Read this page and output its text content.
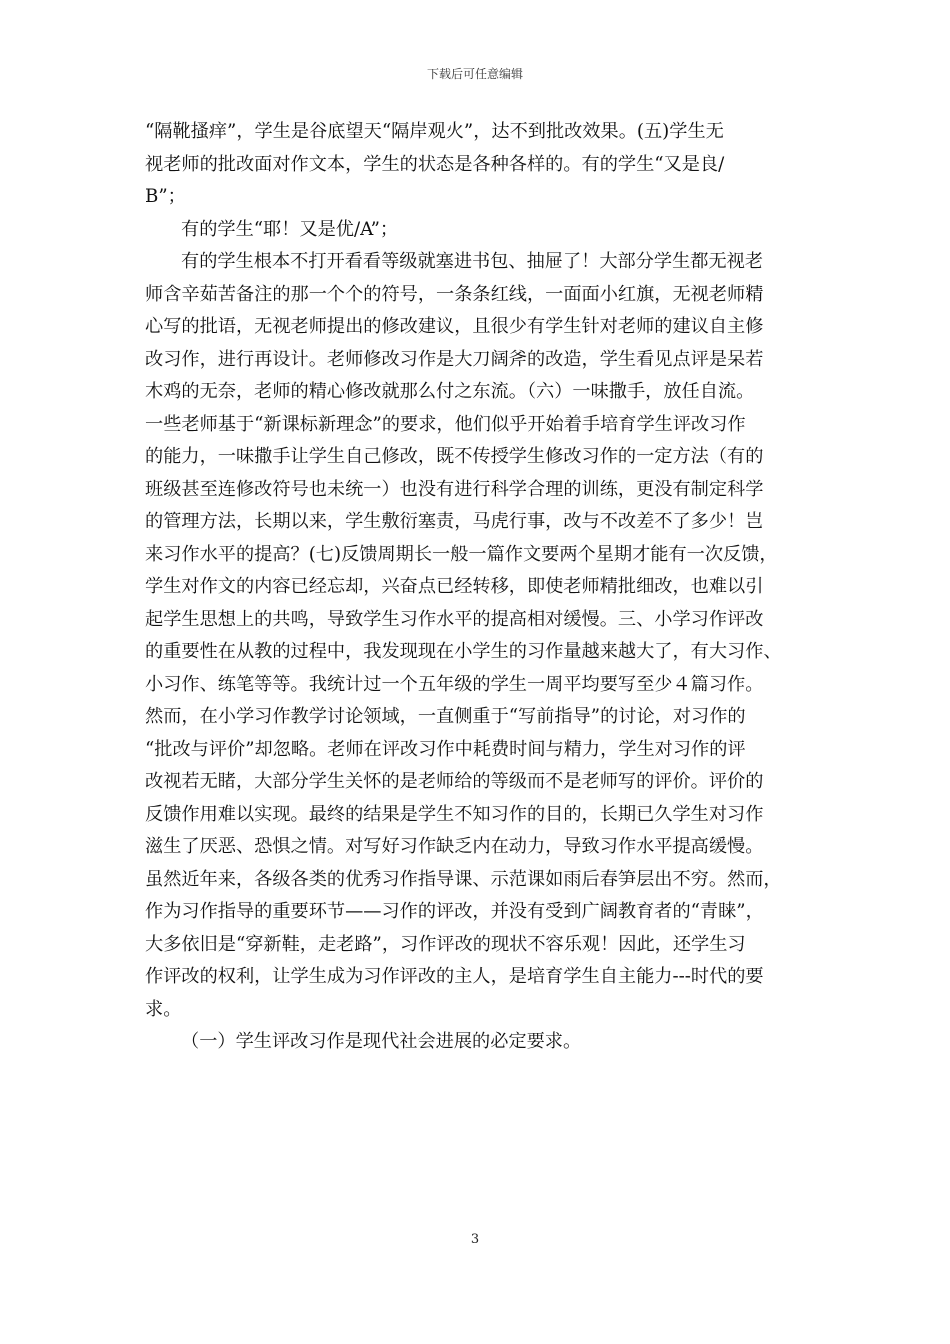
下载后可任意编辑
“隔靴搔痒”，学生是谷底望天“隔岸观火”，达不到批改效果。(五)学生无
视老师的批改面对作文本，学生的状态是各种各样的。有的学生“又是良/
B”；
有的学生“耶！又是优/A”；
有的学生根本不打开看看等级就塞进书包、抽屉了！大部分学生都无视老
师含辛茹苦备注的那一个个的符号，一条条红线，一面面小红旗，无视老师精
心写的批语，无视老师提出的修改建议，且很少有学生针对老师的建议自主修
改习作，进行再设计。老师修改习作是大刀阔斧的改造，学生看见点评是呆若
木鸡的无奈，老师的精心修改就那么付之东流。（六）一味撒手，放任自流。
一些老师基于“新课标新理念”的要求，他们似乎开始着手培育学生评改习作
的能力，一味撒手让学生自己修改，既不传授学生修改习作的一定方法（有的
班级甚至连修改符号也未统一）也没有进行科学合理的训练，更没有制定科学
的管理方法，长期以来，学生敷衍塞责，马虎行事，改与不改差不了多少！岂
来习作水平的提高？(七)反馈周期长一般一篇作文要两个星期才能有一次反馈，
学生对作文的内容已经忘却，兴奋点已经转移，即使老师精批细改，也难以引
起学生思想上的共鸣，导致学生习作水平的提高相对缓慢。三、小学习作评改
的重要性在从教的过程中，我发现现在小学生的习作量越来越大了，有大习作、
小习作、练笔等等。我统计过一个五年级的学生一周平均要写至少４篇习作。
然而，在小学习作教学讨论领域，一直侧重于“写前指导”的讨论，对习作的
“批改与评价”却忽略。老师在评改习作中耗费时间与精力，学生对习作的评
改视若无睹，大部分学生关怀的是老师给的等级而不是老师写的评价。评价的
反馈作用难以实现。最终的结果是学生不知习作的目的，长期已久学生对习作
滋生了厌恶、恐惧之情。对写好习作缺乏内在动力，导致习作水平提高缓慢。
虽然近年来，各级各类的优秀习作指导课、示范课如雨后春笋层出不穷。然而，
作为习作指导的重要环节——习作的评改，并没有受到广阔教育者的“青睐”，
大多依旧是“穿新鞋，走老路”，习作评改的现状不容乐观！因此，还学生习
作评改的权利，让学生成为习作评改的主人，是培育学生自主能力---时代的要
求。
（一）学生评改习作是现代社会进展的必定要求。
3
